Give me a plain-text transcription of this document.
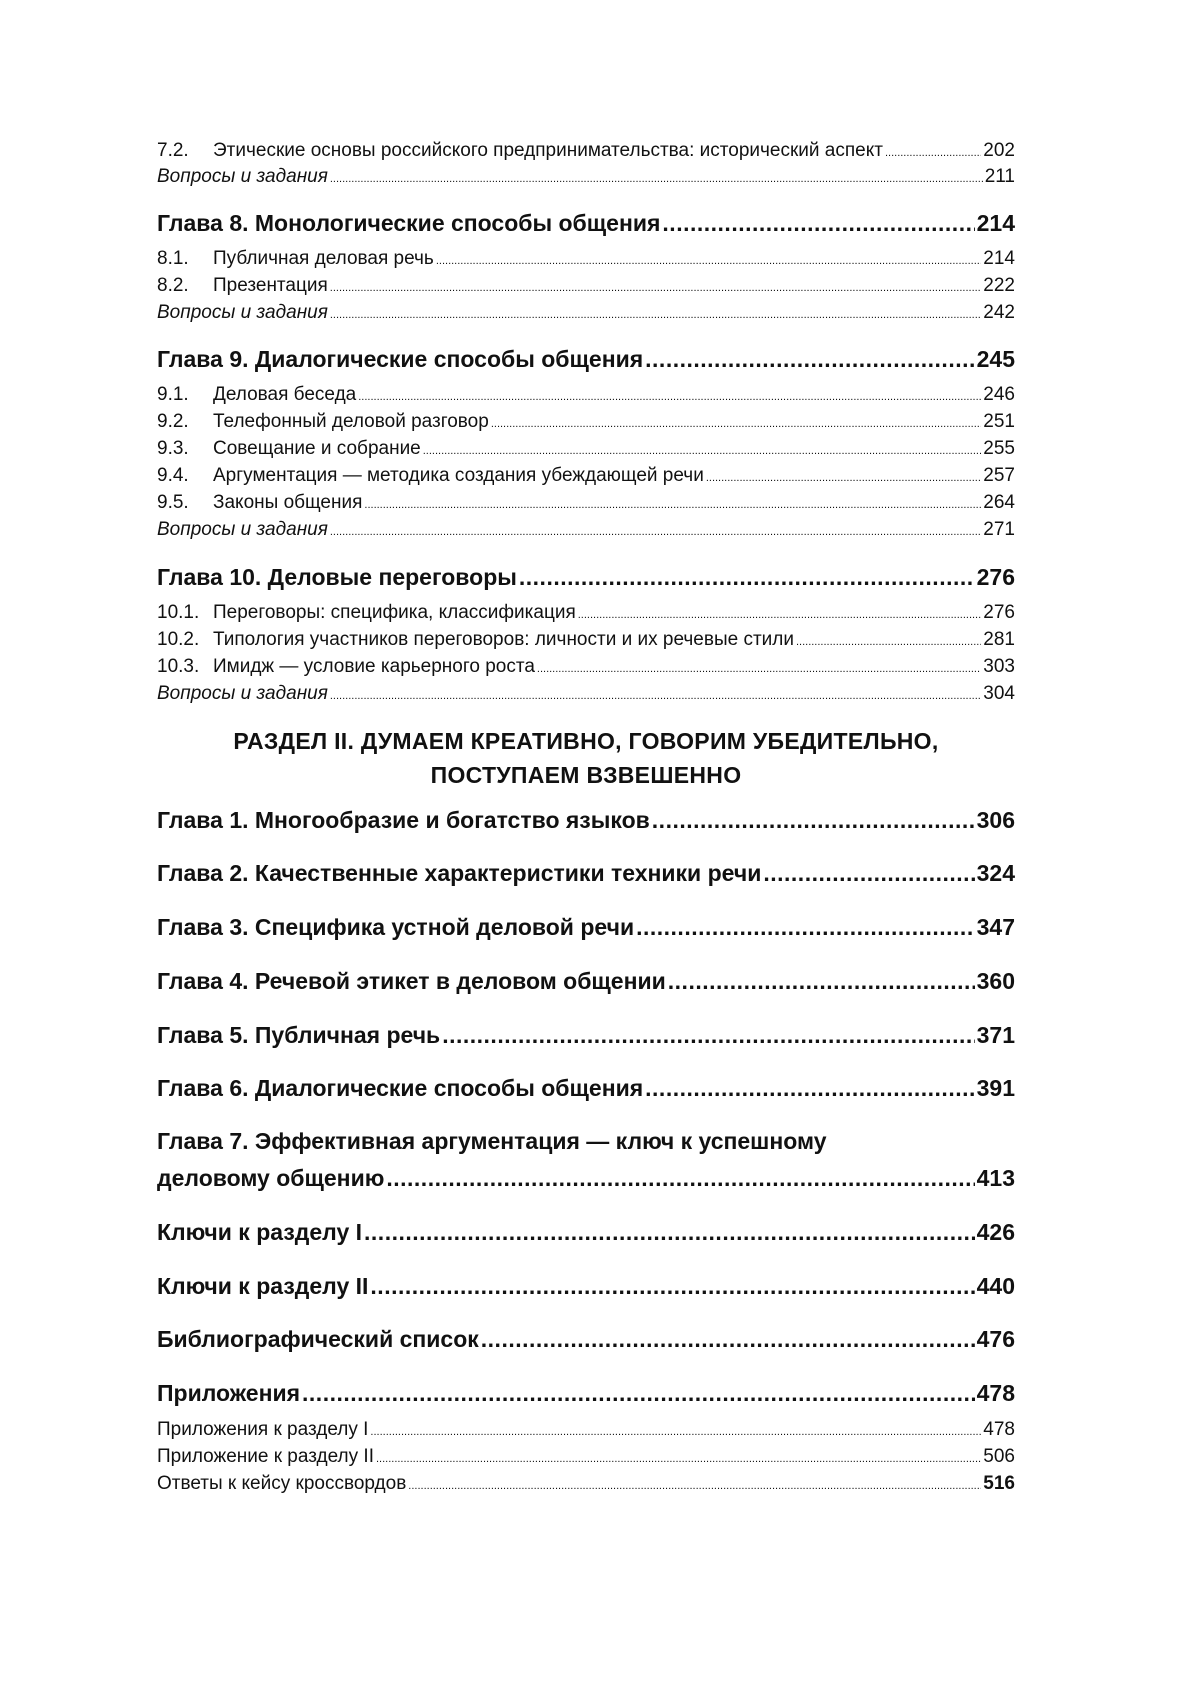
7.2.	Этические основы российского предпринимательства: исторический аспект .....	202
Вопросы и задания .....	211
Глава 8. Монологические способы общения .....	214
8.1.	Публичная деловая речь .....	214
8.2.	Презентация .....	222
Вопросы и задания .....	242
Глава 9. Диалогические способы общения .....	245
9.1.	Деловая беседа .....	246
9.2.	Телефонный деловой разговор .....	251
9.3.	Совещание и собрание .....	255
9.4.	Аргументация — методика создания убеждающей речи .....	257
9.5.	Законы общения .....	264
Вопросы и задания .....	271
Глава 10. Деловые переговоры .....	276
10.1. Переговоры: специфика, классификация .....	276
10.2. Типология участников переговоров: личности и их речевые стили .....	281
10.3. Имидж — условие карьерного роста .....	303
Вопросы и задания .....	304
РАЗДЕЛ II. ДУМАЕМ КРЕАТИВНО, ГОВОРИМ УБЕДИТЕЛЬНО,
ПОСТУПАЕМ ВЗВЕШЕННО
Глава 1. Многообразие и богатство языков .....	306
Глава 2. Качественные характеристики техники речи .....	324
Глава 3. Специфика устной деловой речи .....	347
Глава 4. Речевой этикет в деловом общении .....	360
Глава 5. Публичная речь .....	371
Глава 6. Диалогические способы общения .....	391
Глава 7. Эффективная аргументация — ключ к успешному
деловому общению .....	413
Ключи к разделу I .....	426
Ключи к разделу II .....	440
Библиографический список .....	476
Приложения .....	478
Приложения к разделу I .....	478
Приложение к разделу II .....	506
Ответы к кейсу кроссвордов .....	516
